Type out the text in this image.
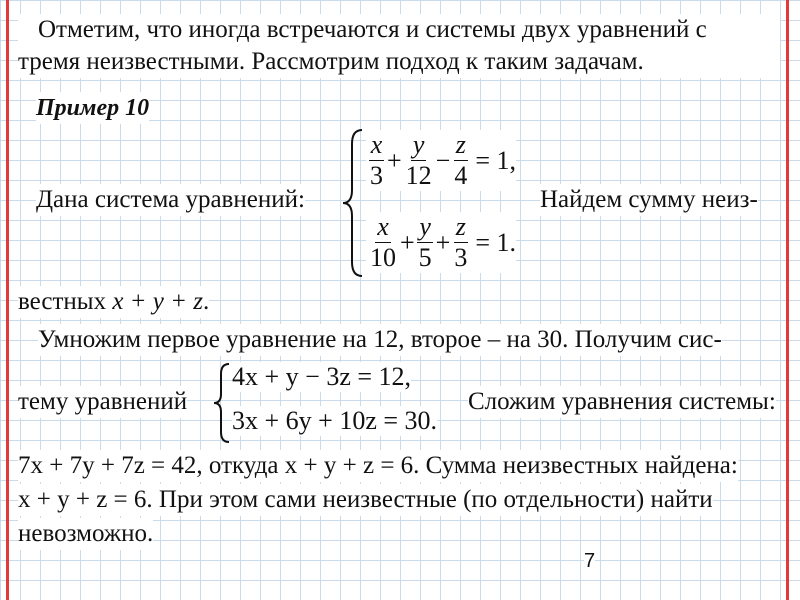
Отметим, что иногда встречаются и системы двух уравнений с
тремя неизвестными. Рассмотрим подход к таким задачам.
Пример 10
Дана система уравнений:
$\frac{x}{3} + \frac{y}{12} - \frac{z}{4} = 1$,
$\frac{x}{10} + \frac{y}{5} + \frac{z}{3} = 1$.
Найдем сумму неиз-
вестных x + y + z.
Умножим первое уравнение на 12, второе – на 30. Получим сис-
тему уравнений
4x + y − 3z = 12,
3x + 6y + 10z = 30.
Сложим уравнения системы:
7x + 7y + 7z = 42, откуда x + y + z = 6. Сумма неизвестных найдена:
x + y + z = 6. При этом сами неизвестные (по отдельности) найти
невозможно.
7
